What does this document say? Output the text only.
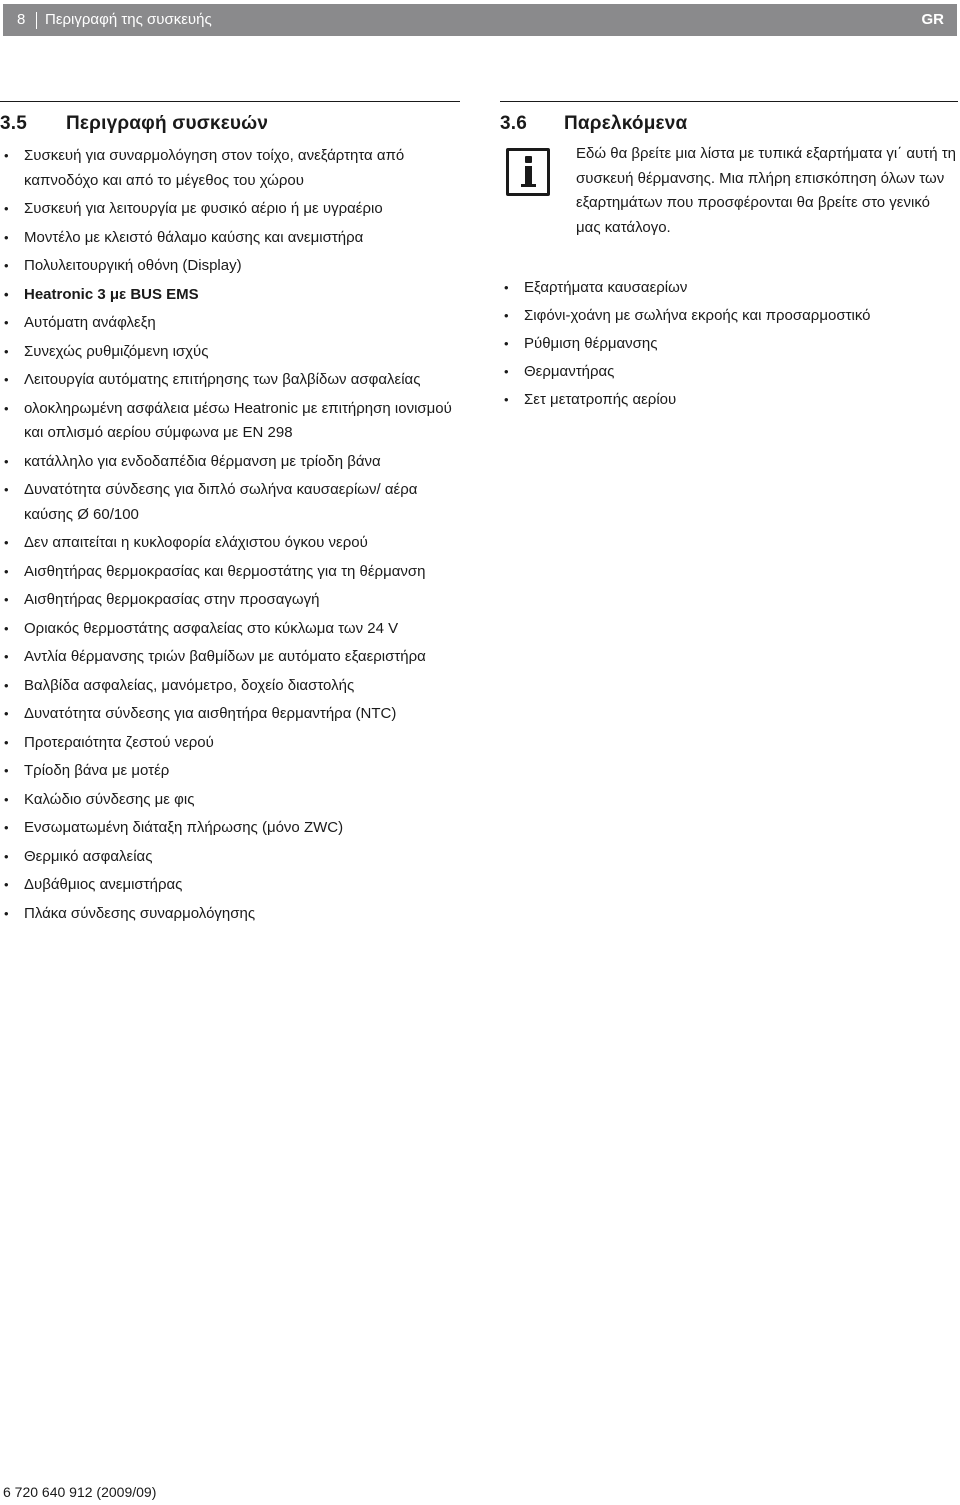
8 Περιγραφή της συσκευής	GR
3.5 Περιγραφή συσκευών
• Συσκευή για συναρμολόγηση στον τοίχο, ανεξάρτητα από καπνοδόχο και από το μέγεθος του χώρου
• Συσκευή για λειτουργία με φυσικό αέριο ή με υγραέριο
• Μοντέλο με κλειστό θάλαμο καύσης και ανεμιστήρα
• Πολυλειτουργική οθόνη (Display)
• Heatronic 3 με BUS EMS
• Αυτόματη ανάφλεξη
• Συνεχώς ρυθμιζόμενη ισχύς
• Λειτουργία αυτόματης επιτήρησης των βαλβίδων ασφαλείας
• ολοκληρωμένη ασφάλεια μέσω Heatronic με επιτήρηση ιονισμού και οπλισμό αερίου σύμφωνα με EN 298
• κατάλληλο για ενδοδαπέδια θέρμανση με τρίοδη βάνα
• Δυνατότητα σύνδεσης για διπλό σωλήνα καυσαερίων/ αέρα καύσης Ø 60/100
• Δεν απαιτείται η κυκλοφορία ελάχιστου όγκου νερού
• Αισθητήρας θερμοκρασίας και θερμοστάτης για τη θέρμανση
• Αισθητήρας θερμοκρασίας στην προσαγωγή
• Οριακός θερμοστάτης ασφαλείας στο κύκλωμα των 24 V
• Αντλία θέρμανσης τριών βαθμίδων με αυτόματο εξαεριστήρα
• Βαλβίδα ασφαλείας, μανόμετρο, δοχείο διαστολής
• Δυνατότητα σύνδεσης για αισθητήρα θερμαντήρα (NTC)
• Προτεραιότητα ζεστού νερού
• Τρίοδη βάνα με μοτέρ
• Καλώδιο σύνδεσης με φις
• Ενσωματωμένη διάταξη πλήρωσης (μόνο ZWC)
• Θερμικό ασφαλείας
• Δυβάθμιος ανεμιστήρας
• Πλάκα σύνδεσης συναρμολόγησης
3.6 Παρελκόμενα
Εδώ θα βρείτε μια λίστα με τυπικά εξαρτήματα γι΄ αυτή τη συσκευή θέρμανσης. Μια πλήρη επισκόπηση όλων των εξαρτημάτων που προσφέρονται θα βρείτε στο γενικό μας κατάλογο.
• Εξαρτήματα καυσαερίων
• Σιφόνι-χοάνη με σωλήνα εκροής και προσαρμοστικό
• Ρύθμιση θέρμανσης
• Θερμαντήρας
• Σετ μετατροπής αερίου
6 720 640 912 (2009/09)
